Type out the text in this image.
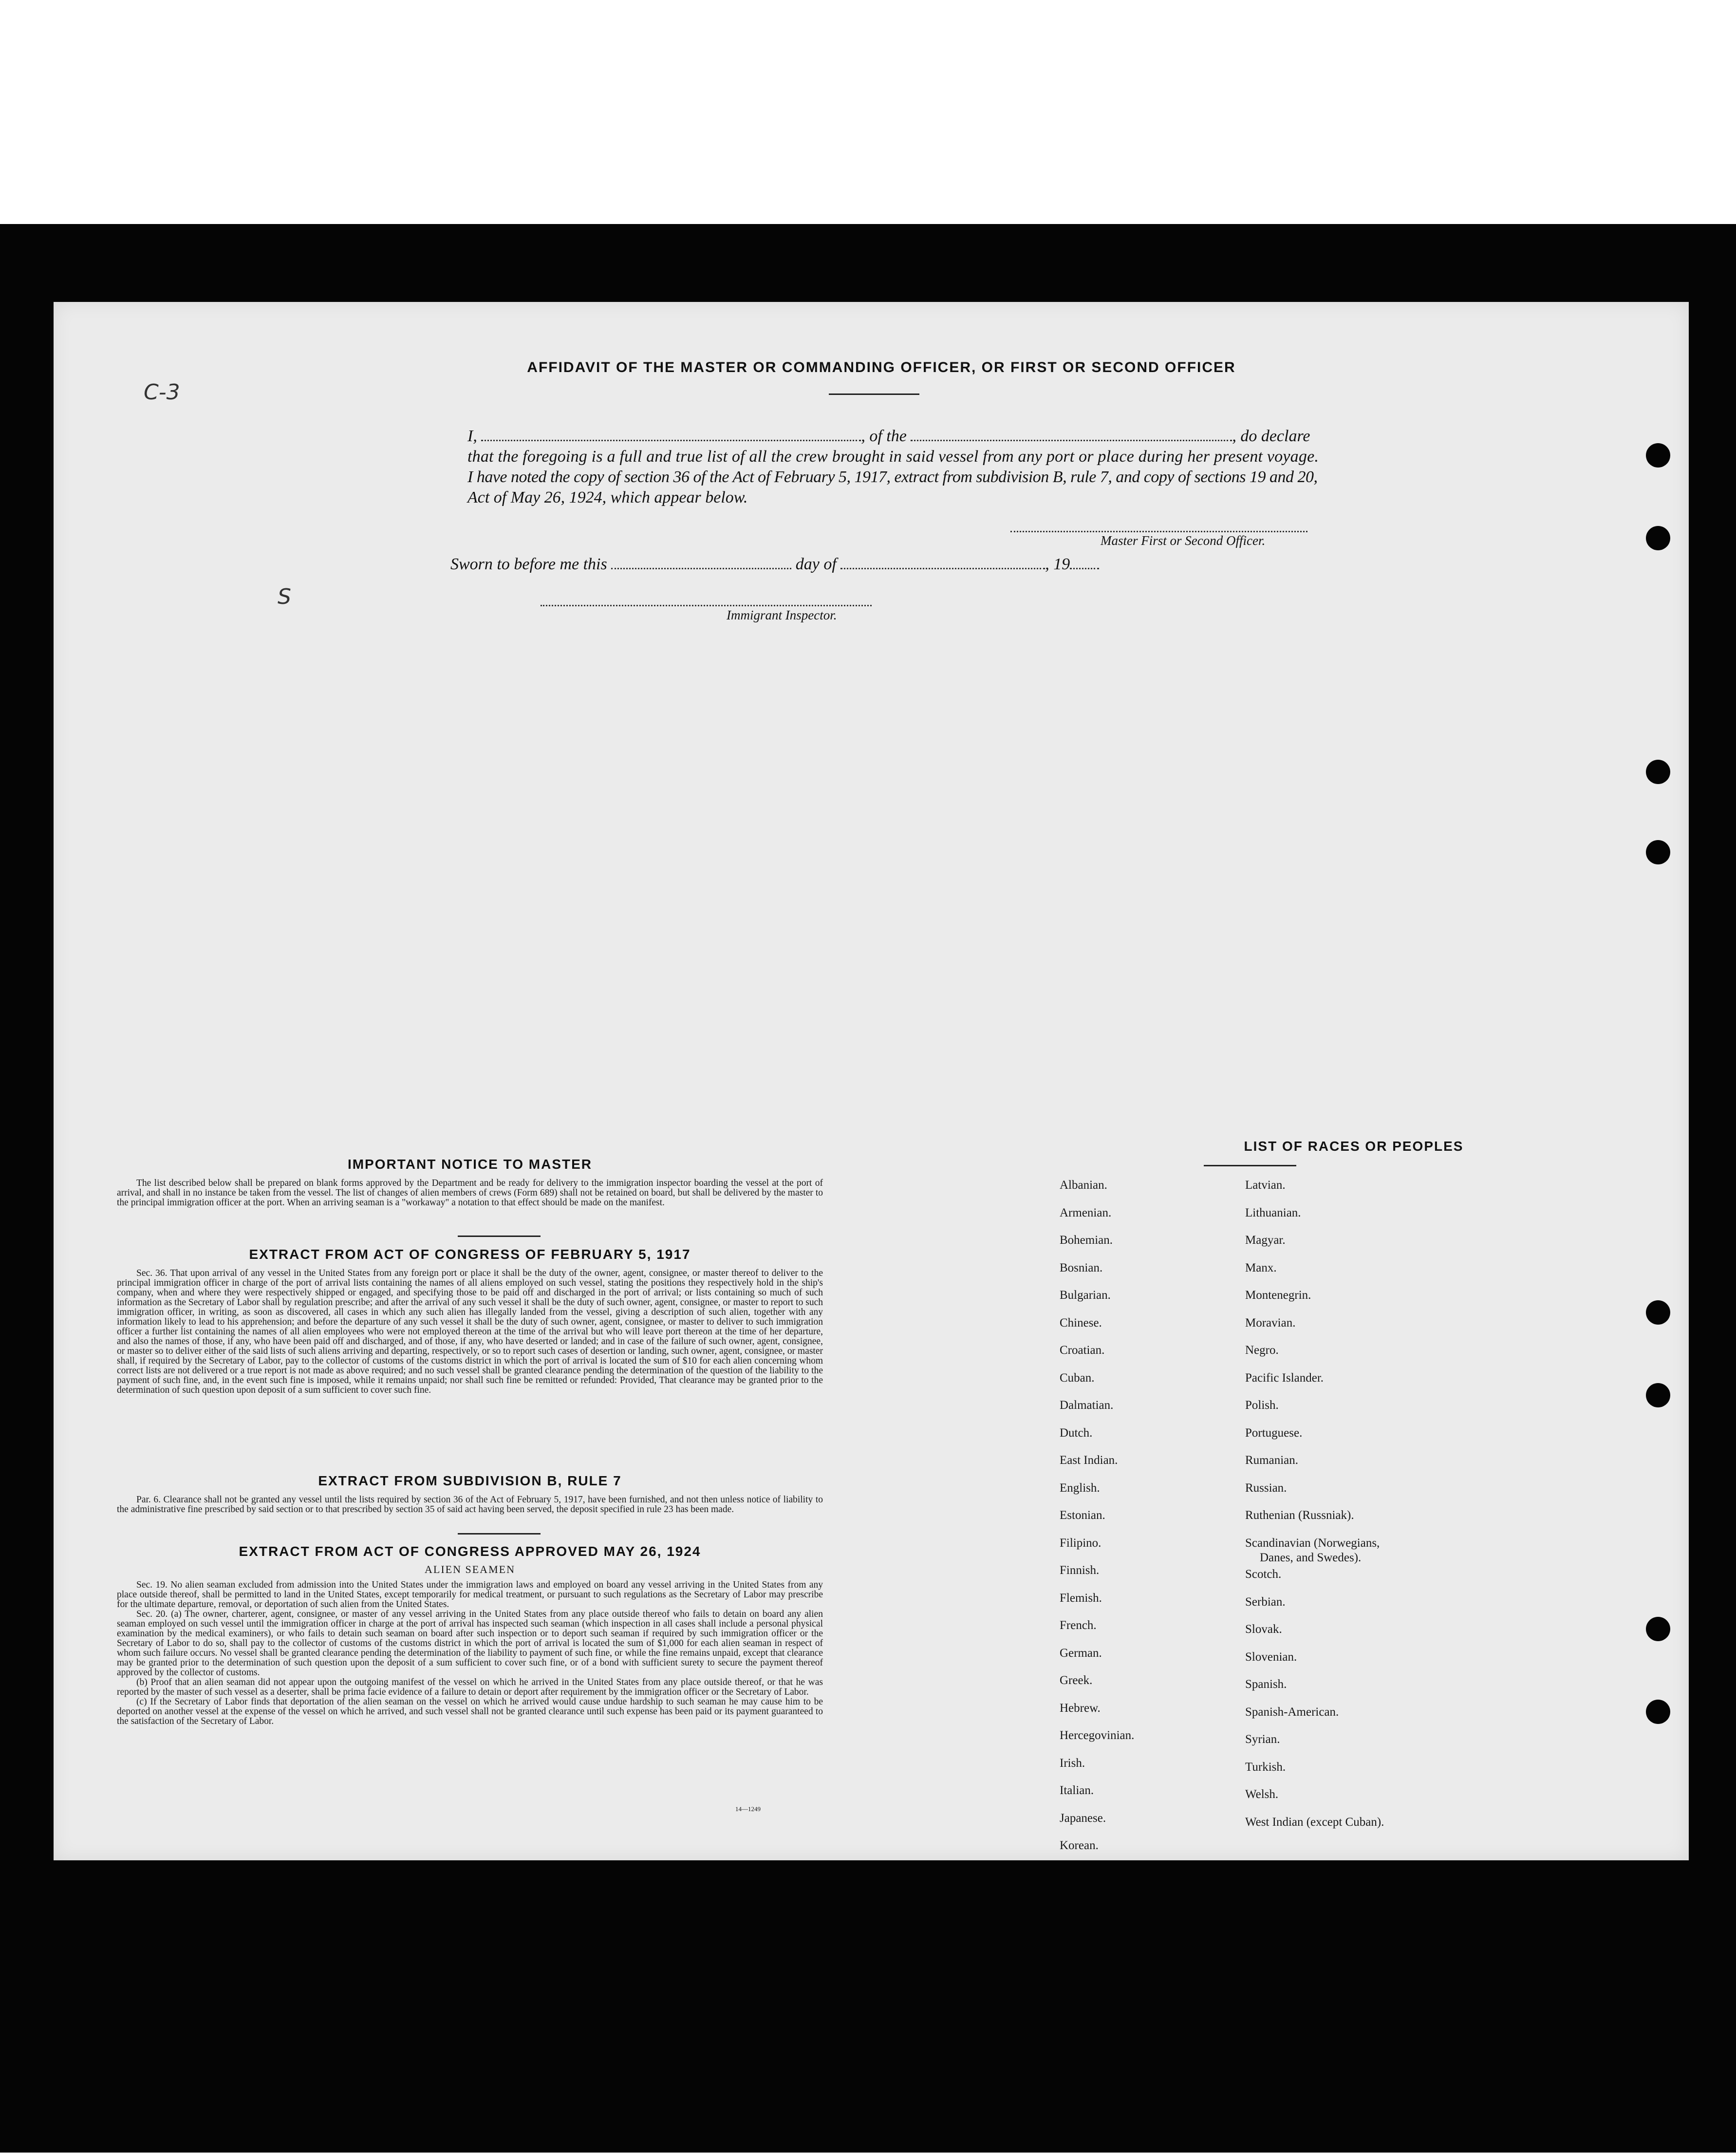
C-3
S
AFFIDAVIT OF THE MASTER OR COMMANDING OFFICER, OR FIRST OR SECOND OFFICER
I,	, of the	, do declare
that the foregoing is a full and true list of all the crew brought in said vessel from any port or place during her present voyage.
I have noted the copy of section 36 of the Act of February 5, 1917, extract from subdivision B, rule 7, and copy of sections 19 and 20,
Act of May 26, 1924, which appear below.
Master First or Second Officer.
Sworn to before me this	day of	, 19
Immigrant Inspector.
IMPORTANT NOTICE TO MASTER

The list described below shall be prepared on blank forms approved by the Department and be ready for delivery to the immigration inspector boarding the vessel at the port of arrival, and shall in no instance be taken from the vessel. The list of changes of alien members of crews (Form 689) shall not be retained on board, but shall be delivered by the master to the principal immigration officer at the port. When an arriving seaman is a "workaway" a notation to that effect should be made on the manifest.

EXTRACT FROM ACT OF CONGRESS OF FEBRUARY 5, 1917

Sec. 36. That upon arrival of any vessel in the United States from any foreign port or place it shall be the duty of the owner, agent, consignee, or master thereof to deliver to the principal immigration officer in charge of the port of arrival lists containing the names of all aliens employed on such vessel, stating the positions they respectively hold in the ship's company, when and where they were respectively shipped or engaged, and specifying those to be paid off and discharged in the port of arrival; or lists containing so much of such information as the Secretary of Labor shall by regulation prescribe; and after the arrival of any such vessel it shall be the duty of such owner, agent, consignee, or master to report to such immigration officer, in writing, as soon as discovered, all cases in which any such alien has illegally landed from the vessel, giving a description of such alien, together with any information likely to lead to his apprehension; and before the departure of any such vessel it shall be the duty of such owner, agent, consignee, or master to deliver to such immigration officer a further list containing the names of all alien employees who were not employed thereon at the time of the arrival but who will leave port thereon at the time of her departure, and also the names of those, if any, who have been paid off and discharged, and of those, if any, who have deserted or landed; and in case of the failure of such owner, agent, consignee, or master so to deliver either of the said lists of such aliens arriving and departing, respectively, or so to report such cases of desertion or landing, such owner, agent, consignee, or master shall, if required by the Secretary of Labor, pay to the collector of customs of the customs district in which the port of arrival is located the sum of $10 for each alien concerning whom correct lists are not delivered or a true report is not made as above required; and no such vessel shall be granted clearance pending the determination of the question of the liability to the payment of such fine, and, in the event such fine is imposed, while it remains unpaid; nor shall such fine be remitted or refunded: Provided, That clearance may be granted prior to the determination of such question upon deposit of a sum sufficient to cover such fine.

EXTRACT FROM SUBDIVISION B, RULE 7

Par. 6. Clearance shall not be granted any vessel until the lists required by section 36 of the Act of February 5, 1917, have been furnished, and not then unless notice of liability to the administrative fine prescribed by said section or to that prescribed by section 35 of said act having been served, the deposit specified in rule 23 has been made.

EXTRACT FROM ACT OF CONGRESS APPROVED MAY 26, 1924
ALIEN SEAMEN

Sec. 19. No alien seaman excluded from admission into the United States under the immigration laws and employed on board any vessel arriving in the United States from any place outside thereof, shall be permitted to land in the United States, except temporarily for medical treatment, or pursuant to such regulations as the Secretary of Labor may prescribe for the ultimate departure, removal, or deportation of such alien from the United States.

Sec. 20. (a) The owner, charterer, agent, consignee, or master of any vessel arriving in the United States from any place outside thereof who fails to detain on board any alien seaman employed on such vessel until the immigration officer in charge at the port of arrival has inspected such seaman (which inspection in all cases shall include a personal physical examination by the medical examiners), or who fails to detain such seaman on board after such inspection or to deport such seaman if required by such immigration officer or the Secretary of Labor to do so, shall pay to the collector of customs of the customs district in which the port of arrival is located the sum of $1,000 for each alien seaman in respect of whom such failure occurs. No vessel shall be granted clearance pending the determination of the liability to payment of such fine, or while the fine remains unpaid, except that clearance may be granted prior to the determination of such question upon the deposit of a sum sufficient to cover such fine, or of a bond with sufficient surety to secure the payment thereof approved by the collector of customs.

(b) Proof that an alien seaman did not appear upon the outgoing manifest of the vessel on which he arrived in the United States from any place outside thereof, or that he was reported by the master of such vessel as a deserter, shall be prima facie evidence of a failure to detain or deport after requirement by the immigration officer or the Secretary of Labor.

(c) If the Secretary of Labor finds that deportation of the alien seaman on the vessel on which he arrived would cause undue hardship to such seaman he may cause him to be deported on another vessel at the expense of the vessel on which he arrived, and such vessel shall not be granted clearance until such expense has been paid or its payment guaranteed to the satisfaction of the Secretary of Labor.

14—1249
LIST OF RACES OR PEOPLES
Albanian.
Armenian.
Bohemian.
Bosnian.
Bulgarian.
Chinese.
Croatian.
Cuban.
Dalmatian.
Dutch.
East Indian.
English.
Estonian.
Filipino.
Finnish.
Flemish.
French.
German.
Greek.
Hebrew.
Hercegovinian.
Irish.
Italian.
Japanese.
Korean.
Latvian.
Lithuanian.
Magyar.
Manx.
Montenegrin.
Moravian.
Negro.
Pacific Islander.
Polish.
Portuguese.
Rumanian.
Russian.
Ruthenian (Russniak).
Scandinavian (Norwegians,
Danes, and Swedes).
Scotch.
Serbian.
Slovak.
Slovenian.
Spanish.
Spanish-American.
Syrian.
Turkish.
Welsh.
West Indian (except Cuban).
